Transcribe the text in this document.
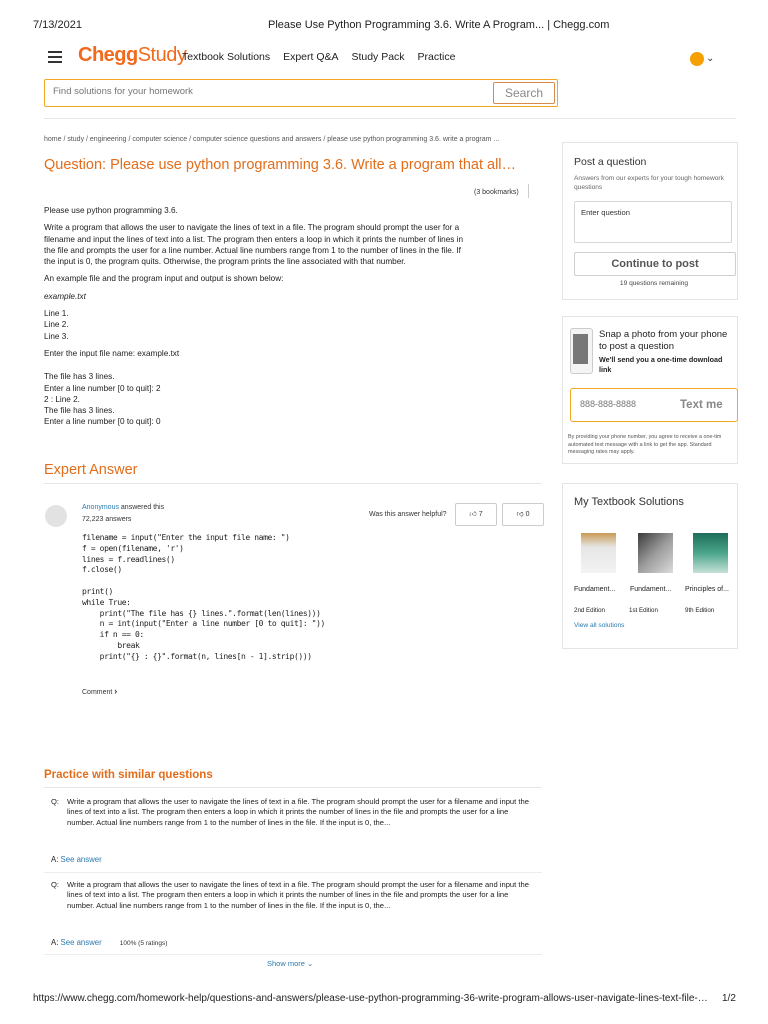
7/13/2021	Please Use Python Programming 3.6. Write A Program... | Chegg.com
CheggStudy
Textbook Solutions Expert Q&A Study Pack Practice	⌄
Find solutions for your homework
Search
home / study / engineering / computer science / computer science questions and answers / please use python programming 3.6. write a program ...
Question: Please use python programming 3.6. Write a program that all…
(3 bookmarks)

Please use python programming 3.6.

Write a program that allows the user to navigate the lines of text in a file. The program should prompt the user for a filename and input the lines of text into a list. The program then enters a loop in which it prints the number of lines in the file and prompts the user for a line number. Actual line numbers range from 1 to the number of lines in the file. If the input is 0, the program quits. Otherwise, the program prints the line associated with that number.

An example file and the program input and output is shown below:

example.txt

Line 1.
Line 2.
Line 3.
Enter the input file name: example.txt
The file has 3 lines.
Enter a line number [0 to quit]: 2
2 : Line 2.
The file has 3 lines.
Enter a line number [0 to quit]: 0
Expert Answer
Anonymous answered this
72,223 answers
Was this answer helpful?	👍︎ 7	👎︎ 0
filename = input("Enter the input file name: ")
f = open(filename, 'r')
lines = f.readlines()
f.close()

print()
while True:
print("The file has {} lines.".format(len(lines)))
n = int(input("Enter a line number [0 to quit]: "))
if n == 0:
break
print("{} : {}".format(n, lines[n - 1].strip()))
Comment ›
Practice with similar questions
Q: Write a program that allows the user to navigate the lines of text in a file. The program should prompt the user for a filename and input the lines of text into a list. The program then enters a loop in which it prints the number of lines in the file and prompts the user for a line number. Actual line numbers range from 1 to the number of lines in the file. If the input is 0, the...
A: See answer
Q: Write a program that allows the user to navigate the lines of text in a file. The program should prompt the user for a filename and input the lines of text into a list. The program then enters a loop in which it prints the number of lines in the file and prompts the user for a line number. Actual line numbers range from 1 to the number of lines in the file. If the input is 0, the...
A: See answer	100% (5 ratings)
Show more ⌄
Post a question
Answers from our experts for your tough homework questions
Enter question
Continue to post
19 questions remaining
Snap a photo from your phone to post a question
We'll send you a one-time download link
888-888-8888	Text me
By providing your phone number, you agree to receive a one-tim automated text message with a link to get the app. Standard messaging rates may apply.
My Textbook Solutions
Fundament... Fundament... Principles of...
2nd Edition	1st Edition	9th Edition
View all solutions
https://www.chegg.com/homework-help/questions-and-answers/please-use-python-programming-36-write-program-allows-user-navigate-lines-text-file-… 1/2
